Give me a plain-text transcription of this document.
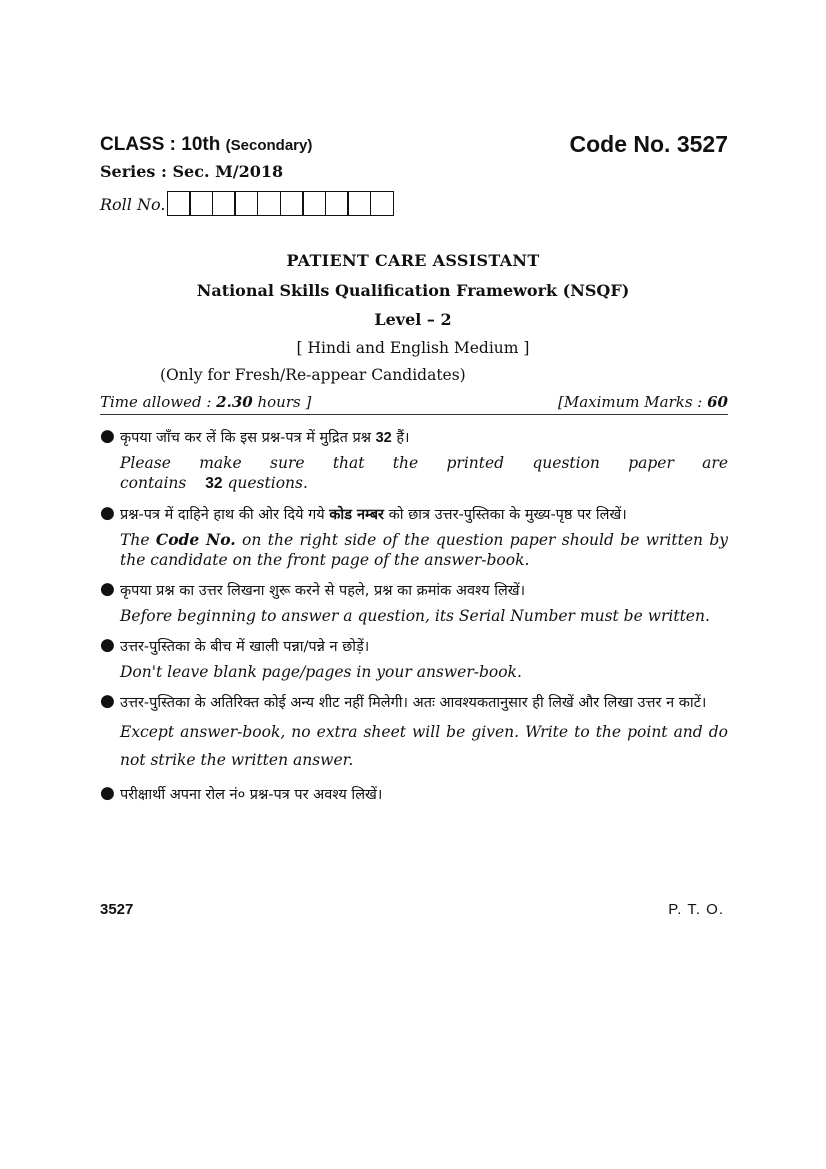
CLASS : 10th (Secondary)	Code No. 3527
Series : Sec. M/2018
Roll No.
PATIENT CARE ASSISTANT
National Skills Qualification Framework (NSQF)
Level – 2
[ Hindi and English Medium ]
(Only for Fresh/Re-appear Candidates)
Time allowed : 2.30 hours ]	[Maximum Marks : 60
● कृपया जाँच कर लें कि इस प्रश्न-पत्र में मुद्रित प्रश्न 32 हैं।
Please make sure that the printed question paper are contains 32 questions.
● प्रश्न-पत्र में दाहिने हाथ की ओर दिये गये कोड नम्बर को छात्र उत्तर-पुस्तिका के मुख्य-पृष्ठ पर लिखें।
The Code No. on the right side of the question paper should be written by the candidate on the front page of the answer-book.
● कृपया प्रश्न का उत्तर लिखना शुरू करने से पहले, प्रश्न का क्रमांक अवश्य लिखें।
Before beginning to answer a question, its Serial Number must be written.
● उत्तर-पुस्तिका के बीच में खाली पन्ना/पन्ने न छोड़ें।
Don't leave blank page/pages in your answer-book.
● उत्तर-पुस्तिका के अतिरिक्त कोई अन्य शीट नहीं मिलेगी। अतः आवश्यकतानुसार ही लिखें और लिखा उत्तर न काटें।
Except answer-book, no extra sheet will be given. Write to the point and do not strike the written answer.
● परीक्षार्थी अपना रोल नं० प्रश्न-पत्र पर अवश्य लिखें।
3527	P. T. O.
